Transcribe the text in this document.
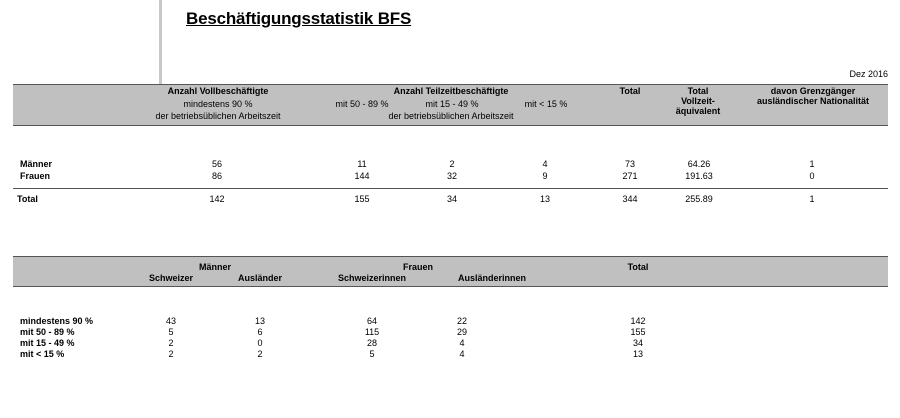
Beschäftigungsstatistik BFS
Dez 2016
Anzahl Vollbeschäftigte
mindestens 90 %
der betriebsüblichen Arbeitszeit
Anzahl Teilzeitbeschäftigte
mit 50 - 89 %	mit 15 - 49 %	mit < 15 %
der betriebsüblichen Arbeitszeit
Total	Total
Vollzeit-
äquivalent
davon Grenzgänger
ausländischer Nationalität
Männer	56	11	2	4	73	64.26	1
Frauen	86	144	32	9	271	191.63	0
Total	142	155	34	13	344	255.89	1
Männer
Schweizer	Ausländer
Frauen
Schweizerinnen	Ausländerinnen
Total
mindestens 90 %	43	13	64	22	142
mit 50 - 89 %	5	6	115	29	155
mit 15 - 49 %	2	0	28	4	34
mit < 15 %	2	2	5	4	13
